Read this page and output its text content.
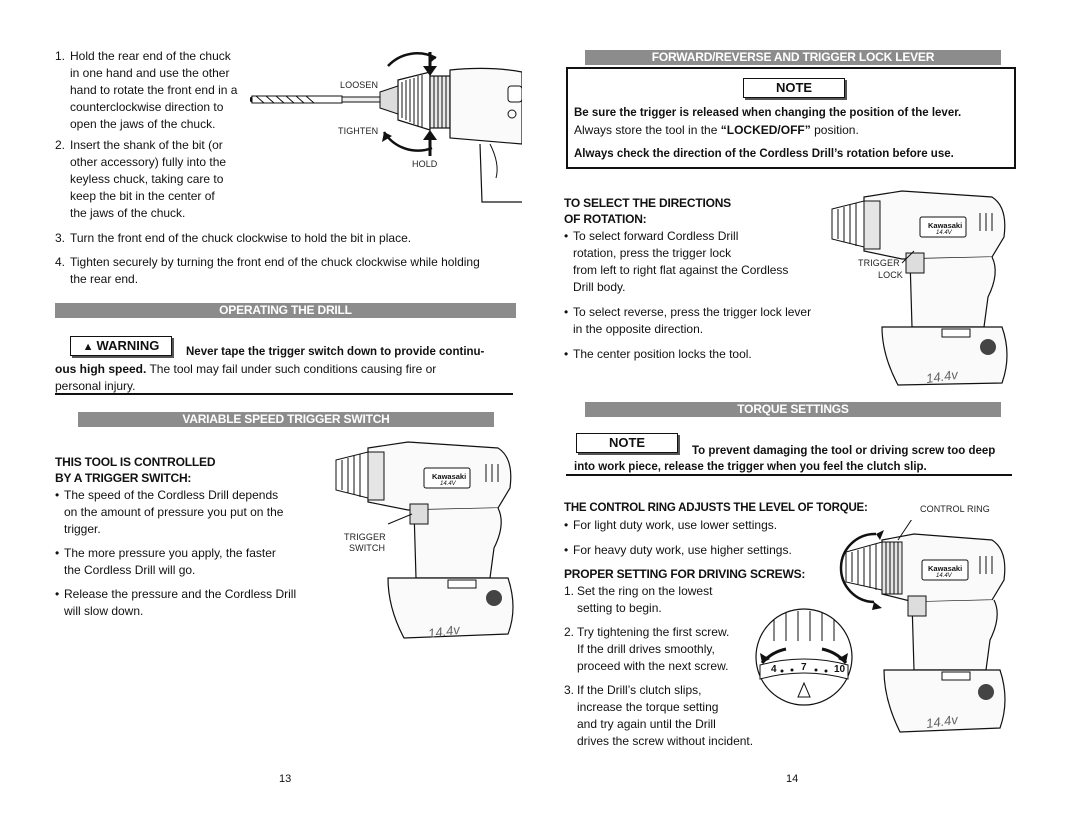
1. Hold the rear end of the chuck
in one hand and use the other
hand to rotate the front end in a
counterclockwise direction to
open the jaws of the chuck.
2. Insert the shank of the bit (or
other accessory) fully into the
keyless chuck, taking care to
keep the bit in the center of
the jaws of the chuck.
LOOSEN
TIGHTEN
HOLD
3. Turn the front end of the chuck clockwise to hold the bit in place.
4. Tighten securely by turning the front end of the chuck clockwise while holding
the rear end.
OPERATING THE DRILL
▲ WARNING	Never tape the trigger switch down to provide continu-
ous high speed. The tool may fail under such conditions causing fire or
personal injury.
VARIABLE SPEED TRIGGER SWITCH
THIS TOOL IS CONTROLLED
BY A TRIGGER SWITCH:
• The speed of the Cordless Drill depends
on the amount of pressure you put on the
trigger.
• The more pressure you apply, the faster
the Cordless Drill will go.
• Release the pressure and the Cordless Drill
will slow down.
Kawasaki
14.4V
14.4v
TRIGGER
SWITCH
13
FORWARD/REVERSE AND TRIGGER LOCK LEVER
NOTE
Be sure the trigger is released when changing the position of the lever.
Always store the tool in the “LOCKED/OFF” position.
Always check the direction of the Cordless Drill’s rotation before use.
TO SELECT THE DIRECTIONS
OF ROTATION:
• To select forward Cordless Drill
rotation, press the trigger lock
from left to right flat against the Cordless
Drill body.
• To select reverse, press the trigger lock lever
in the opposite direction.
• The center position locks the tool.
Kawasaki
14.4V
14.4v
TRIGGER
LOCK
TORQUE SETTINGS
NOTE
To prevent damaging the tool or driving screw too deep
into work piece, release the trigger when you feel the clutch slip.
THE CONTROL RING ADJUSTS THE LEVEL OF TORQUE:	CONTROL RING
• For light duty work, use lower settings.
• For heavy duty work, use higher settings.
PROPER SETTING FOR DRIVING SCREWS:
1. Set the ring on the lowest
setting to begin.
2. Try tightening the first screw.
If the drill drives smoothly,
proceed with the next screw.
3. If the Drill’s clutch slips,
increase the torque setting
and try again until the Drill
drives the screw without incident.
4 7	10
Kawasaki
14.4V
14.4v
14
